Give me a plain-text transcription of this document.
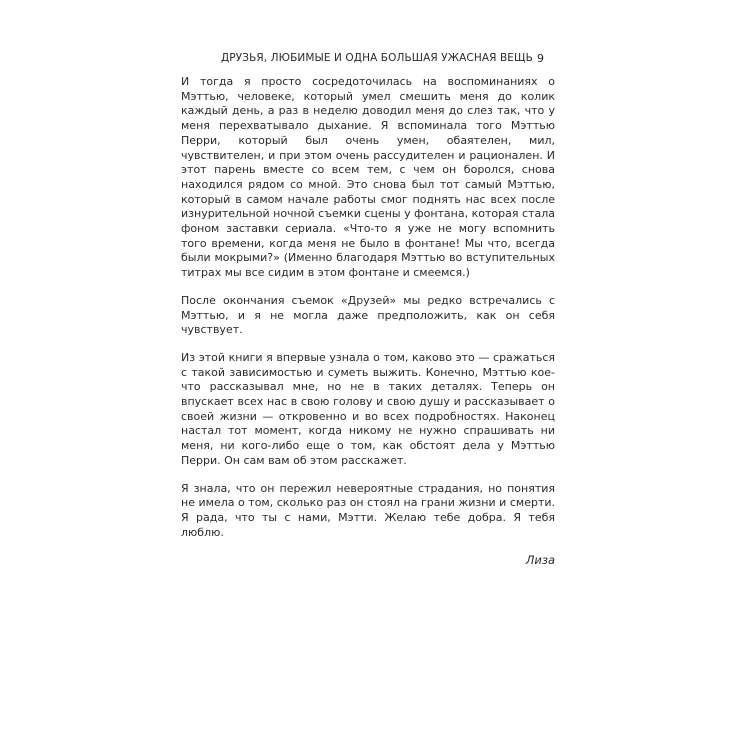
ДРУЗЬЯ, ЛЮБИМЫЕ И ОДНА БОЛЬШАЯ УЖАСНАЯ ВЕЩЬ 9

И тогда я просто сосредоточилась на воспоминаниях о Мэттью, человеке, который умел смешить меня до колик каждый день, а раз в неделю доводил меня до слез так, что у меня перехватывало дыхание. Я вспоминала того Мэттью Перри, который был очень умен, обаятелен, мил, чувствителен, и при этом очень рассудителен и рационален. И этот парень вместе со всем тем, с чем он боролся, снова находился рядом со мной. Это снова был тот самый Мэттью, который в самом начале работы смог поднять нас всех после изнурительной ночной съемки сцены у фонтана, которая стала фоном заставки сериала. «Что-то я уже не могу вспомнить того времени, когда меня не было в фонтане! Мы что, всегда были мокрыми?» (Именно благодаря Мэттью во вступительных титрах мы все сидим в этом фонтане и смеемся.)

После окончания съемок «Друзей» мы редко встречались с Мэттью, и я не могла даже предположить, как он себя чувствует.

Из этой книги я впервые узнала о том, каково это — сражаться с такой зависимостью и суметь выжить. Конечно, Мэттью кое-что рассказывал мне, но не в таких деталях. Теперь он впускает всех нас в свою голову и свою душу и рассказывает о своей жизни — откровенно и во всех подробностях. Наконец настал тот момент, когда никому не нужно спрашивать ни меня, ни кого-либо еще о том, как обстоят дела у Мэттью Перри. Он сам вам об этом расскажет.

Я знала, что он пережил невероятные страдания, но понятия не имела о том, сколько раз он стоял на грани жизни и смерти. Я рада, что ты с нами, Мэтти. Желаю тебе добра. Я тебя люблю.

Лиза
